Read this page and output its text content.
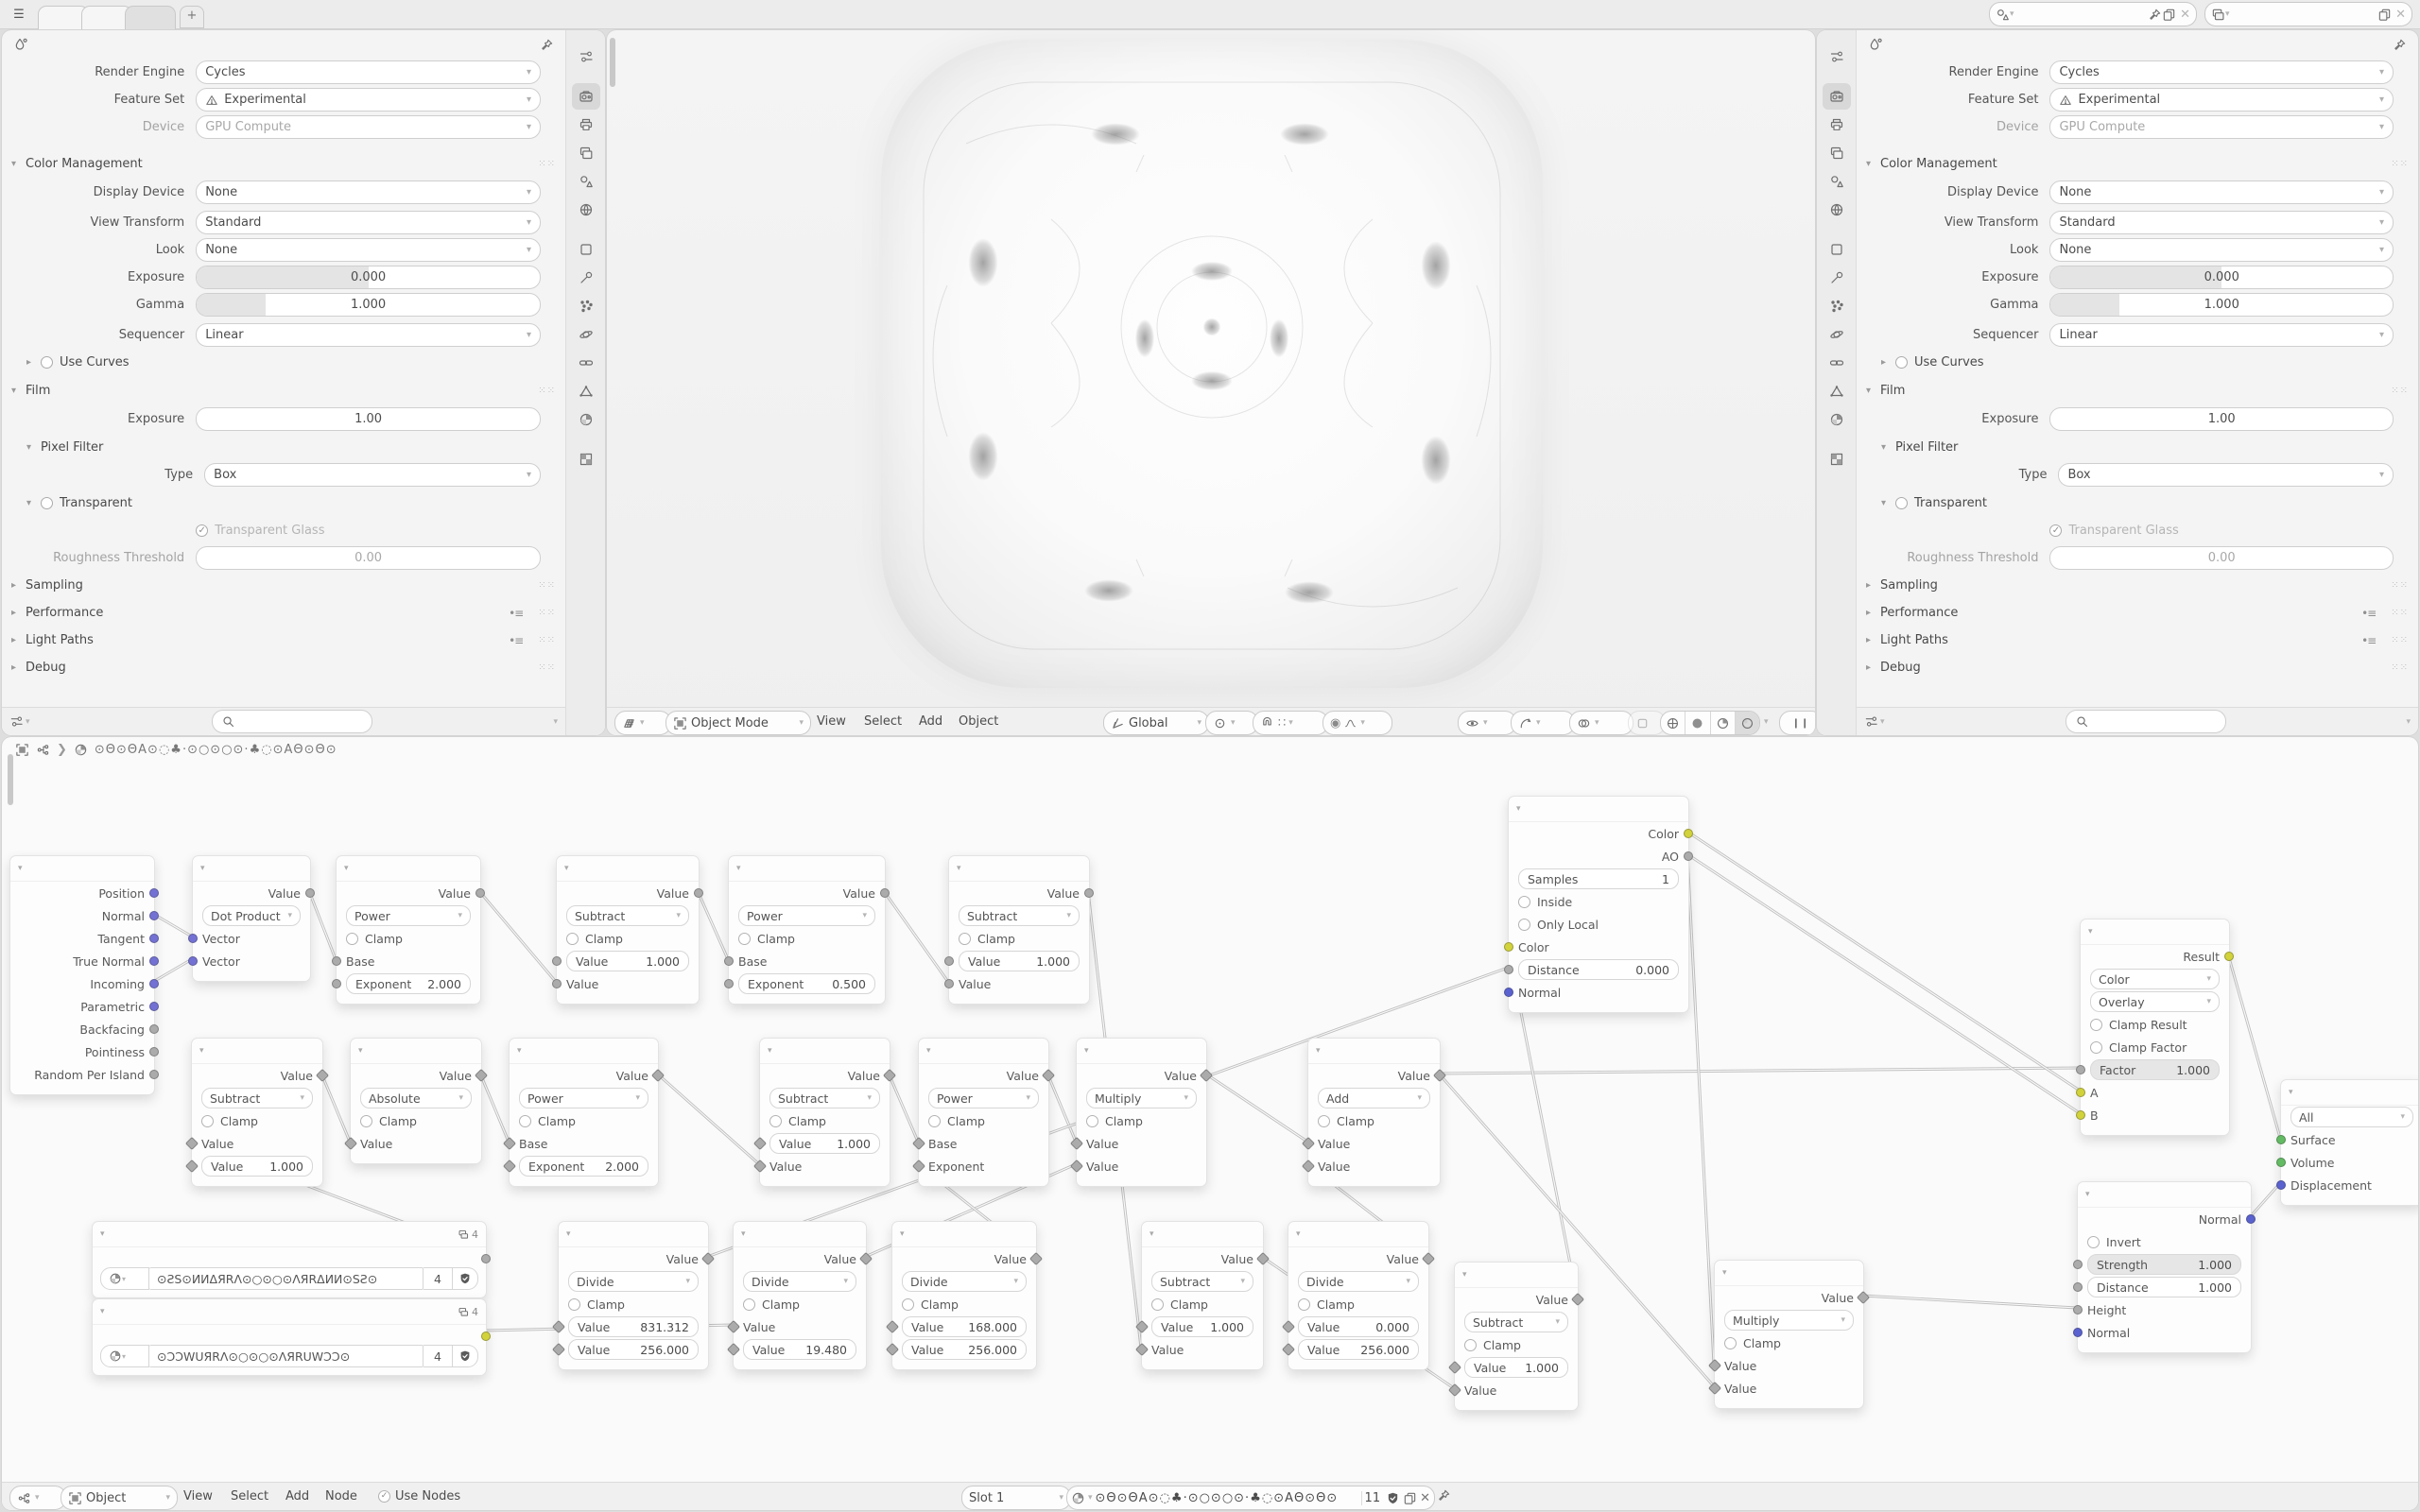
☰	+	▾	✕	▾	✕
Render Engine	Cycles	▾
Feature Set	Experimental	▾
Device	GPU Compute	▾
▾ Color Management	⁙⁙
Display Device	None	▾
View Transform	Standard	▾
Look	None	▾
Exposure	0.000
Gamma	1.000
Sequencer	Linear	▾
▸	Use Curves
▾ Film	⁙⁙
Exposure	1.00
▾ Pixel Filter
Type	Box	▾
▾	Transparent
✓ Transparent Glass
Roughness Threshold	0.00
▸ Sampling	⁙⁙
▸ Performance	•≡ ⁙⁙
▸ Light Paths	•≡ ⁙⁙
▸ Debug	⁙⁙
▾	▾	▾	Object Mode	▾ View Select Add Object	Global	▾	▾	∷ ▾	◉ ▾	▾	▾	▾	▾	❙❙
Render Engine	Cycles	▾
Feature Set	Experimental	▾
Device	GPU Compute	▾
▾ Color Management	⁙⁙
Display Device	None	▾
View Transform	Standard	▾
Look	None	▾
Exposure	0.000
Gamma	1.000
Sequencer	Linear	▾
▸	Use Curves
▾ Film	⁙⁙
Exposure	1.00
▾ Pixel Filter
Type	Box	▾
▾	Transparent
✓ Transparent Glass
Roughness Threshold	0.00
▸ Sampling	⁙⁙
▸ Performance	•≡ ⁙⁙
▸ Light Paths	•≡ ⁙⁙
▸ Debug	⁙⁙
▾	▾
▾
Position
Normal
Tangent
True Normal
Incoming
Parametric
Backfacing
Pointiness
Random Per Island
▾
Value
Dot Product ▾
Vector
Vector
▾
Value
Power	▾
Clamp
Base
Exponent	2.000
▾
Value
Subtract	▾
Clamp
Value	1.000
Value
▾
Value
Power	▾
Clamp
Base
Exponent	0.500
▾
Value
Subtract	▾
Clamp
Value	1.000
Value
▾
Value
Subtract	▾
Clamp
Value
Value	1.000
▾
Value
Absolute	▾
Clamp
Value
▾
Value
Power	▾
Clamp
Base
Exponent	2.000
▾
Value
Subtract	▾
Clamp
Value	1.000
Value
▾
Value
Power	▾
Clamp
Base
Exponent
▾
Value
Multiply	▾
Clamp
Value
Value
▾
Value
Add	▾
Clamp
Value
Value
▾
Color
AO
Samples	1
Inside
Only Local
Color
Distance	0.000
Normal
▾	4
▾	⊙ƧS⊙ИИΔЯRΛ⊙○⊙○⊙ΛЯRΔИИ⊙SƧ⊙	4
▾	4
▾	⊙ƆƆWUЯRΛ⊙○⊙○⊙ΛЯRUWƆƆ⊙	4
▾
Value
Divide	▾
Clamp
Value	831.312
Value	256.000
▾
Value
Divide	▾
Clamp
Value
Value	19.480
▾
Value
Divide	▾
Clamp
Value	168.000
Value	256.000
▾
Value
Subtract	▾
Clamp
Value	1.000
Value
▾
Value
Divide	▾
Clamp
Value	0.000
Value	256.000
▾
Value
Subtract	▾
Clamp
Value	1.000
Value
▾
Value
Multiply	▾
Clamp
Value
Value
▾
Result
Color	▾
Overlay	▾
Clamp Result
Clamp Factor
Factor	1.000
A
B
▾
All	▾
Surface
Volume
Displacement
▾
Normal
Invert
Strength	1.000
Distance	1.000
Height
Normal
❯ ⊙Θ⊙ΘA⊙◌♣·⊙○⊙○⊙·♣◌⊙AΘ⊙Θ⊙
▾	Object	▾ View Select Add Node	✓ Use Nodes	Slot 1	▾	▾ ⊙Θ⊙ΘA⊙◌♣·⊙○⊙○⊙·♣◌⊙AΘ⊙Θ⊙	11	✕
